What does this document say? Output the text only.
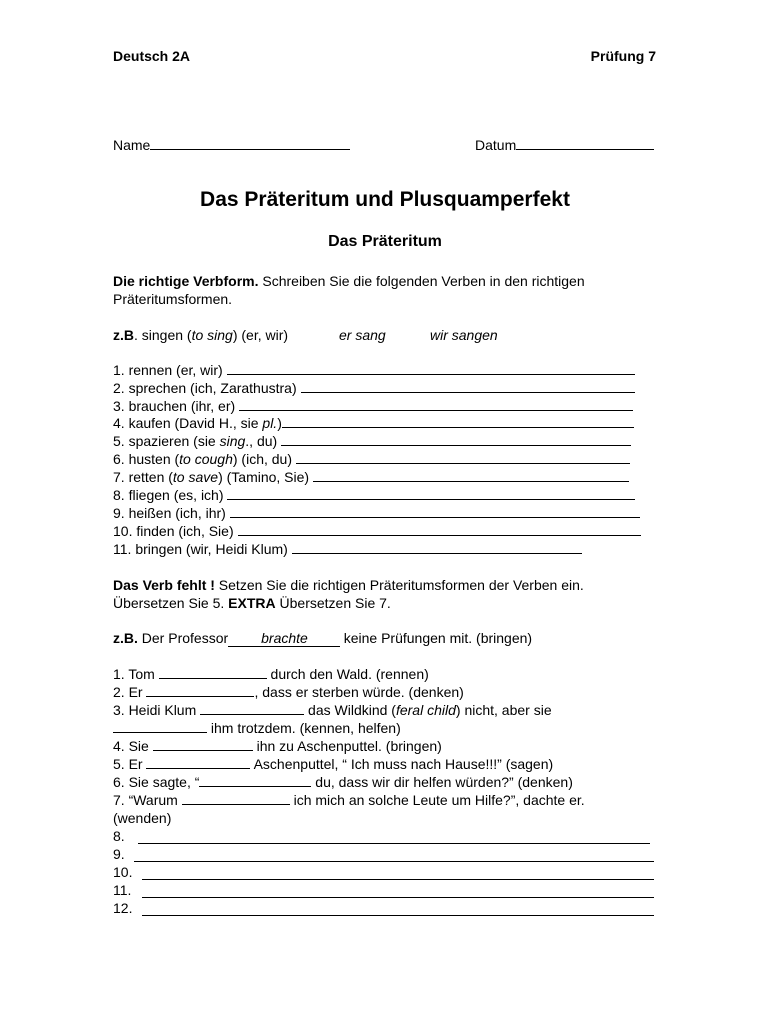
Deutsch 2A	Prüfung 7
Name	Datum
Das Präteritum und Plusquamperfekt
Das Präteritum
Die richtige Verbform. Schreiben Sie die folgenden Verben in den richtigen
Präteritumsformen.
z.B. singen (to sing) (er, wir)	er sang	wir sangen
1. rennen (er, wir)
2. sprechen (ich, Zarathustra)
3. brauchen (ihr, er)
4. kaufen (David H., sie pl.)
5. spazieren (sie sing., du)
6. husten (to cough) (ich, du)
7. retten (to save) (Tamino, Sie)
8. fliegen (es, ich)
9. heißen (ich, ihr)
10. finden (ich, Sie)
11. bringen (wir, Heidi Klum)
Das Verb fehlt ! Setzen Sie die richtigen Präteritumsformen der Verben ein.
Übersetzen Sie 5. EXTRA Übersetzen Sie 7.
z.B. Der Professor brachte keine Prüfungen mit. (bringen)
1. Tom	durch den Wald. (rennen)
2. Er	, dass er sterben würde. (denken)
3. Heidi Klum	das Wildkind (feral child) nicht, aber sie
ihm trotzdem. (kennen, helfen)
4. Sie	ihn zu Aschenputtel. (bringen)
5. Er	Aschenputtel, “ Ich muss nach Hause!!!” (sagen)
6. Sie sagte, “	du, dass wir dir helfen würden?” (denken)
7. “Warum	ich mich an solche Leute um Hilfe?”, dachte er.
(wenden)
8.
9.
10.
11.
12.
